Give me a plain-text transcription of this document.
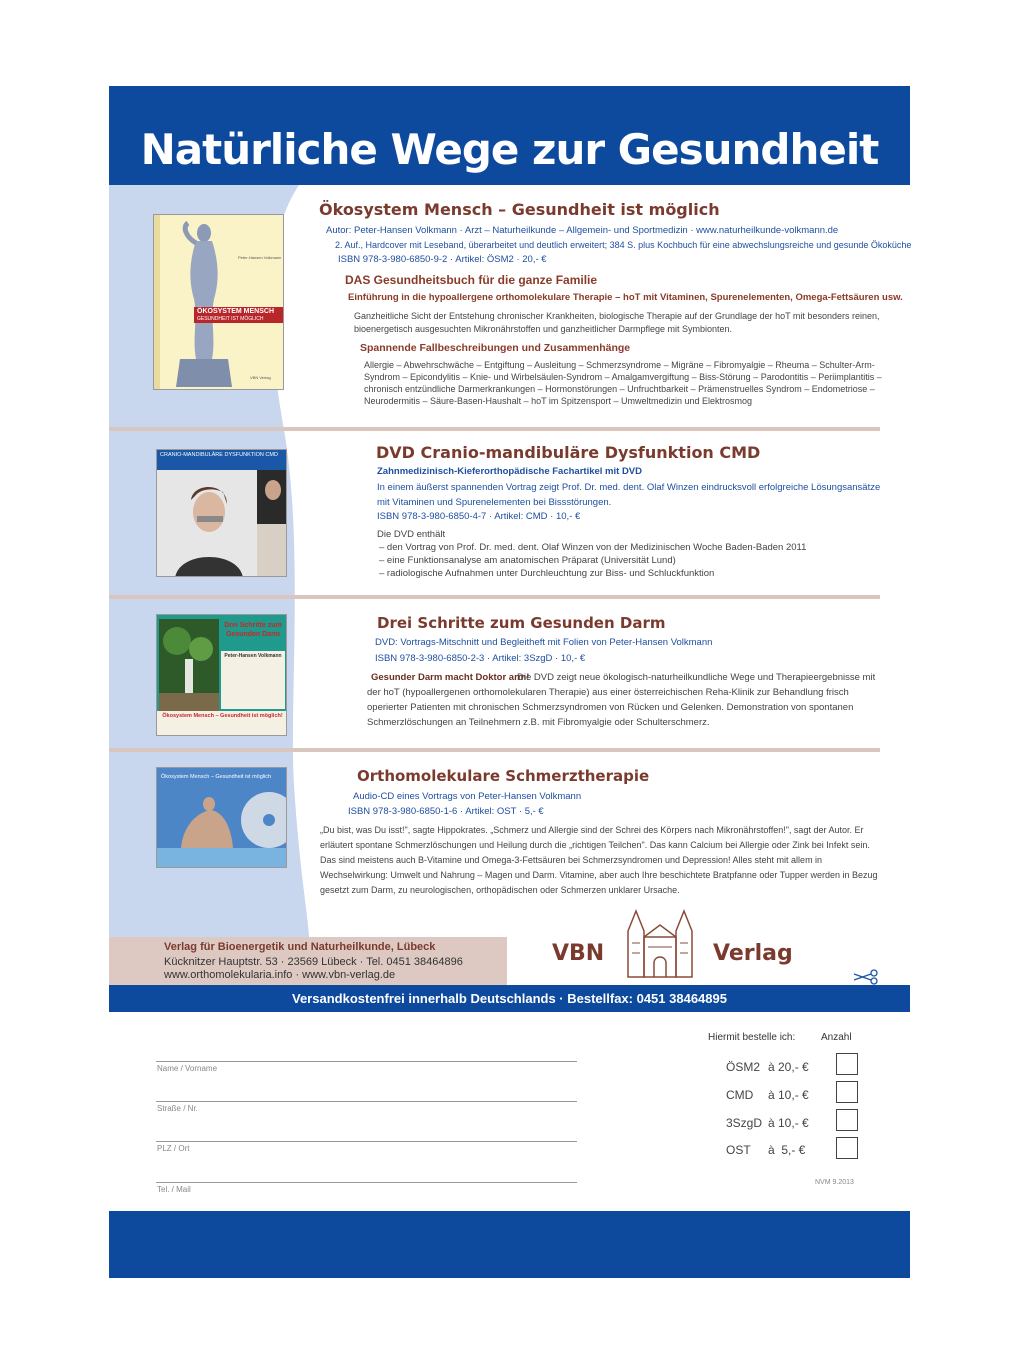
Natürliche Wege zur Gesundheit
Peter-Hansen Volkmann
ÖKOSYSTEM MENSCH
GESUNDHEIT IST MÖGLICH
VBN Verlag
Ökosystem Mensch – Gesundheit ist möglich
Autor: Peter-Hansen Volkmann · Arzt – Naturheilkunde – Allgemein- und Sportmedizin · www.naturheilkunde-volkmann.de
2. Auf., Hardcover mit Leseband, überarbeitet und deutlich erweitert; 384 S. plus Kochbuch für eine abwechslungsreiche und gesunde Ökoküche
ISBN 978-3-980-6850-9-2 · Artikel: ÖSM2 · 20,- €
DAS Gesundheitsbuch für die ganze Familie
Einführung in die hypoallergene orthomolekulare Therapie – hoT mit Vitaminen, Spurenelementen, Omega-Fettsäuren usw.
Ganzheitliche Sicht der Entstehung chronischer Krankheiten, biologische Therapie auf der Grundlage der hoT mit besonders reinen, bioenergetisch ausgesuchten Mikronährstoffen und ganzheitlicher Darmpflege mit Symbionten.
Spannende Fallbeschreibungen und Zusammenhänge
Allergie – Abwehrschwäche – Entgiftung – Ausleitung – Schmerzsyndrome – Migräne – Fibromyalgie – Rheuma – Schulter-Arm-Syndrom – Epicondylitis – Knie- und Wirbelsäulen-Syndrom – Amalgamvergiftung – Biss-Störung – Parodontitis – Periimplantitis – chronisch entzündliche Darmerkrankungen – Hormonstörungen – Unfruchtbarkeit – Prämenstruelles Syndrom – Endometriose – Neurodermitis – Säure-Basen-Haushalt – hoT im Spitzensport – Umweltmedizin und Elektrosmog
CRANIO-MANDIBULÄRE DYSFUNKTION CMD	DVD Cranio-mandibuläre Dysfunktion CMD
Zahnmedizinisch-Kieferorthopädische Fachartikel mit DVD
In einem äußerst spannenden Vortrag zeigt Prof. Dr. med. dent. Olaf Winzen eindrucksvoll erfolgreiche Lösungsansätze mit Vitaminen und Spurenelementen bei Bissstörungen.
ISBN 978-3-980-6850-4-7 · Artikel: CMD · 10,- €
Die DVD enthält
– den Vortrag von Prof. Dr. med. dent. Olaf Winzen von der Medizinischen Woche Baden-Baden 2011
– eine Funktionsanalyse am anatomischen Präparat (Universität Lund)
– radiologische Aufnahmen unter Durchleuchtung zur Biss- und Schluckfunktion
Drei Schritte zum Gesunden Darm
Peter-Hansen Volkmann
Ökosystem Mensch – Gesundheit ist möglich!
Drei Schritte zum Gesunden Darm
DVD: Vortrags-Mitschnitt und Begleitheft mit Folien von Peter-Hansen Volkmann
ISBN 978-3-980-6850-2-3 · Artikel: 3SzgD · 10,- €
Gesunder Darm macht Doktor arm!
Die DVD zeigt neue ökologisch-naturheilkundliche Wege und Therapieergebnisse mit der hoT (hypoallergenen orthomolekularen Therapie) aus einer österreichischen Reha-Klinik zur Behandlung frisch operierter Patienten mit chronischen Schmerzsyndromen von Rücken und Gelenken. Demonstration von spontanen Schmerzlöschungen an Teilnehmern z.B. mit Fibromyalgie oder Schulterschmerz.
Ökosystem Mensch – Gesundheit ist möglich	Orthomolekulare Schmerztherapie
Audio-CD eines Vortrags von Peter-Hansen Volkmann
ISBN 978-3-980-6850-1-6 · Artikel: OST · 5,- €
„Du bist, was Du isst!", sagte Hippokrates. „Schmerz und Allergie sind der Schrei des Körpers nach Mikronährstoffen!", sagt der Autor. Er erläutert spontane Schmerzlöschungen und Heilung durch die „richtigen Teilchen". Das kann Calcium bei Allergie oder Zink bei Infekt sein. Das sind meistens auch B-Vitamine und Omega-3-Fettsäuren bei Schmerzsyndromen und Depression! Alles steht mit allem in Wechselwirkung: Umwelt und Nahrung – Magen und Darm. Vitamine, aber auch Ihre beschichtete Bratpfanne oder Tupper werden in Bezug gesetzt zum Darm, zu neurologischen, orthopädischen oder Schmerzen unklarer Ursache.
Verlag für Bioenergetik und Naturheilkunde, Lübeck
Kücknitzer Hauptstr. 53 · 23569 Lübeck · Tel. 0451 38464896
www.orthomolekularia.info · www.vbn-verlag.de
VBN	Verlag
Versandkostenfrei innerhalb Deutschlands · Bestellfax: 0451 38464895
Name / Vorname
Straße / Nr.
PLZ / Ort
Tel. / Mail
Hiermit bestelle ich:	Anzahl
ÖSM2 à 20,- €
CMD à 10,- €
3SzgD à 10,- €
OST à  5,- €
NVM 9.2013
